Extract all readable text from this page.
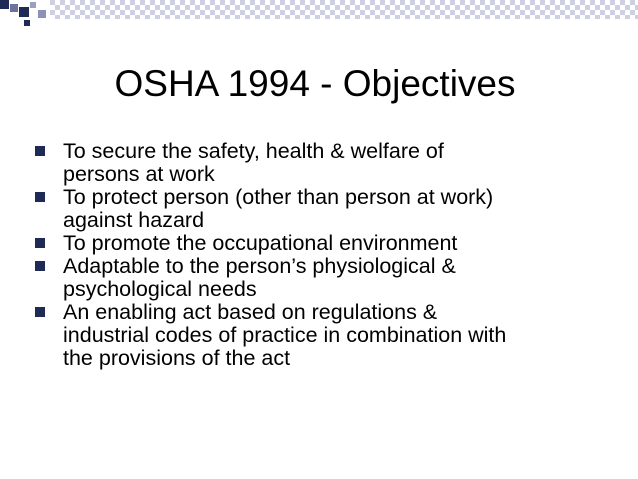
OSHA 1994 - Objectives
To secure the safety, health & welfare of
persons at work
To protect person (other than person at work)
against hazard
To promote the occupational environment
Adaptable to the person’s physiological &
psychological needs
An enabling act based on regulations &
industrial codes of practice in combination with
the provisions of the act
